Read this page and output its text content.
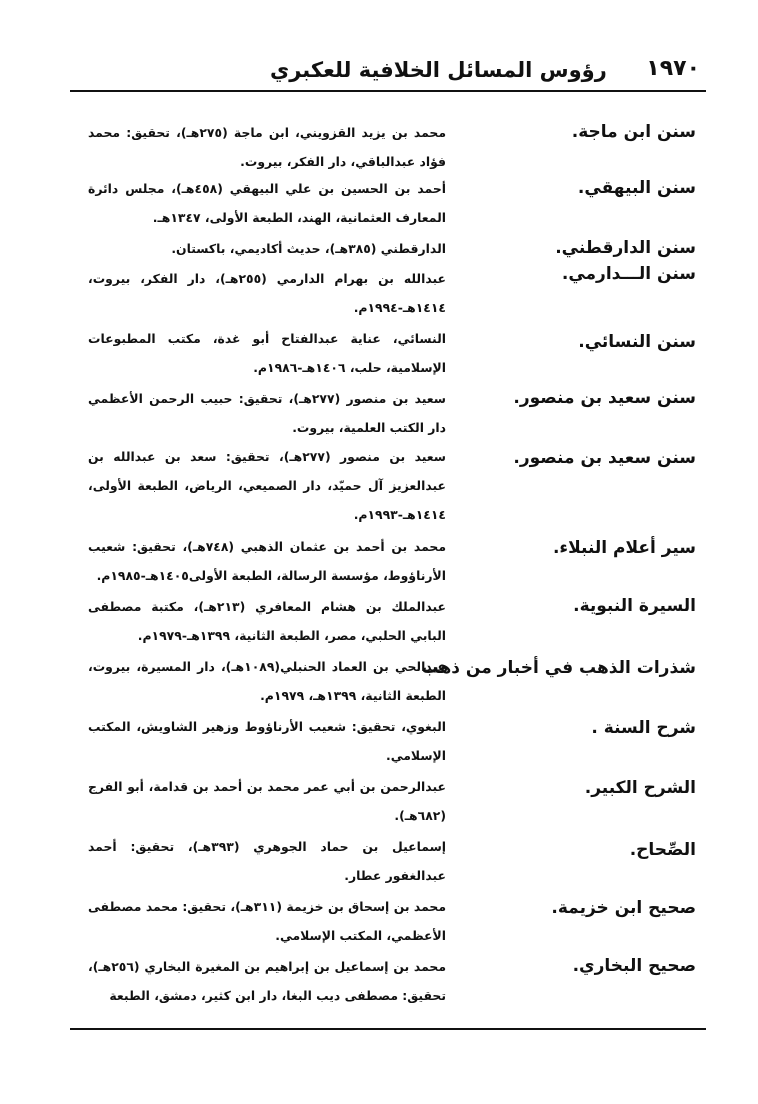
١٩٧٠
رؤوس المسائل الخلافية للعكبري
سنن ابن ماجة.
محمد بن يزيد القزويني، ابن ماجة (٢٧٥هـ)، تحقيق: محمد فؤاد عبدالباقي، دار الفكر، بيروت.
سنن البيهقي.
أحمد بن الحسين بن علي البيهقي (٤٥٨هـ)، مجلس دائرة المعارف العثمانية، الهند، الطبعة الأولى، ١٣٤٧هـ.
سنن الدارقطني.
الدارقطني (٣٨٥هـ)، حديث أكاديمي، باكستان.
سنن الـــدارمي.
عبدالله بن بهرام الدارمي (٢٥٥هـ)، دار الفكر، بيروت، ١٤١٤هـ-١٩٩٤م.
سنن النسائي.
النسائي، عناية عبدالفتاح أبو غدة، مكتب المطبوعات الإسلامية، حلب، ١٤٠٦هـ-١٩٨٦م.
سنن سعيد بن منصور.
سعيد بن منصور (٢٧٧هـ)، تحقيق: حبيب الرحمن الأعظمي دار الكتب العلمية، بيروت.
سنن سعيد بن منصور.
سعيد بن منصور (٢٧٧هـ)، تحقيق: سعد بن عبدالله بن عبدالعزيز آل حميّد، دار الصميعي، الرياض، الطبعة الأولى، ١٤١٤هـ-١٩٩٣م.
سير أعلام النبلاء.
محمد بن أحمد بن عثمان الذهبي (٧٤٨هـ)، تحقيق: شعيب الأرناؤوط، مؤسسة الرسالة، الطبعة الأولى١٤٠٥هـ-١٩٨٥م.
السيرة النبوية.
عبدالملك بن هشام المعافري (٢١٣هـ)، مكتبة مصطفى البابي الحلبي، مصر، الطبعة الثانية، ١٣٩٩هـ-١٩٧٩م.
شذرات الذهب في أخبار من ذهب
عبدالحي بن العماد الحنبلي(١٠٨٩هـ)، دار المسيرة، بيروت، الطبعة الثانية، ١٣٩٩هـ، ١٩٧٩م.
شرح السنة .
البغوي، تحقيق: شعيب الأرناؤوط وزهير الشاويش، المكتب الإسلامي.
الشرح الكبير.
عبدالرحمن بن أبي عمر محمد بن أحمد بن قدامة، أبو الفرج (٦٨٢هـ).
الصِّحاح.
إسماعيل بن حماد الجوهري (٣٩٣هـ)، تحقيق: أحمد عبدالغفور عطار.
صحيح ابن خزيمة.
محمد بن إسحاق بن خزيمة (٣١١هـ)، تحقيق: محمد مصطفى الأعظمي، المكتب الإسلامي.
صحيح البخاري.
محمد بن إسماعيل بن إبراهيم بن المغيرة البخاري (٢٥٦هـ)، تحقيق: مصطفى ديب البغا، دار ابن كثير، دمشق، الطبعة
